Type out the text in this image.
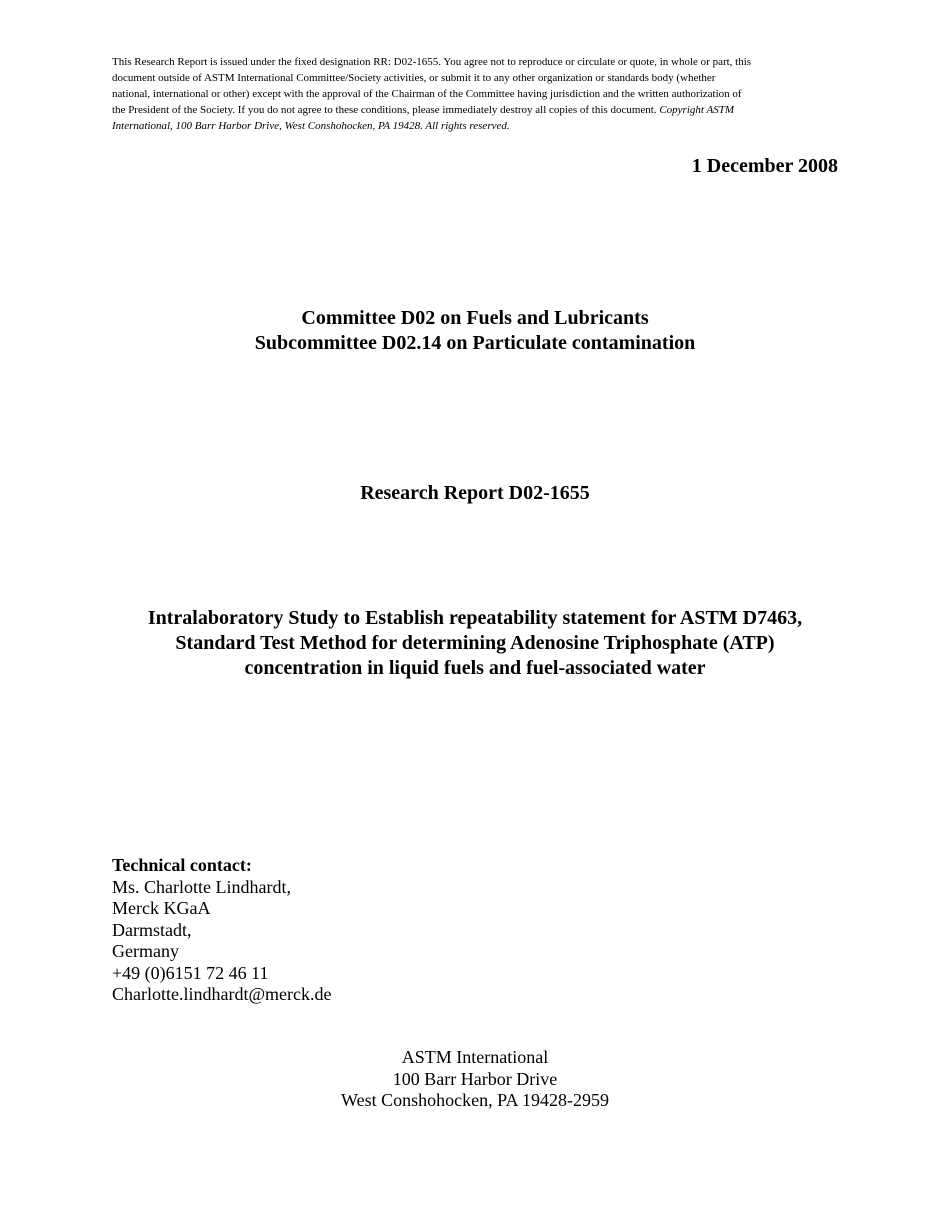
This Research Report is issued under the fixed designation RR: D02-1655. You agree not to reproduce or circulate or quote, in whole or part, this
document outside of ASTM International Committee/Society activities, or submit it to any other organization or standards body (whether
national, international or other) except with the approval of the Chairman of the Committee having jurisdiction and the written authorization of
the President of the Society. If you do not agree to these conditions, please immediately destroy all copies of this document. Copyright ASTM
International, 100 Barr Harbor Drive, West Conshohocken, PA 19428. All rights reserved.
1 December 2008
Committee D02 on Fuels and Lubricants
Subcommittee D02.14 on Particulate contamination
Research Report D02-1655
Intralaboratory Study to Establish repeatability statement for ASTM D7463,
Standard Test Method for determining Adenosine Triphosphate (ATP)
concentration in liquid fuels and fuel-associated water
Technical contact:
Ms. Charlotte Lindhardt,
Merck KGaA
Darmstadt,
Germany
+49 (0)6151 72 46 11
Charlotte.lindhardt@merck.de
ASTM International
100 Barr Harbor Drive
West Conshohocken, PA 19428-2959
